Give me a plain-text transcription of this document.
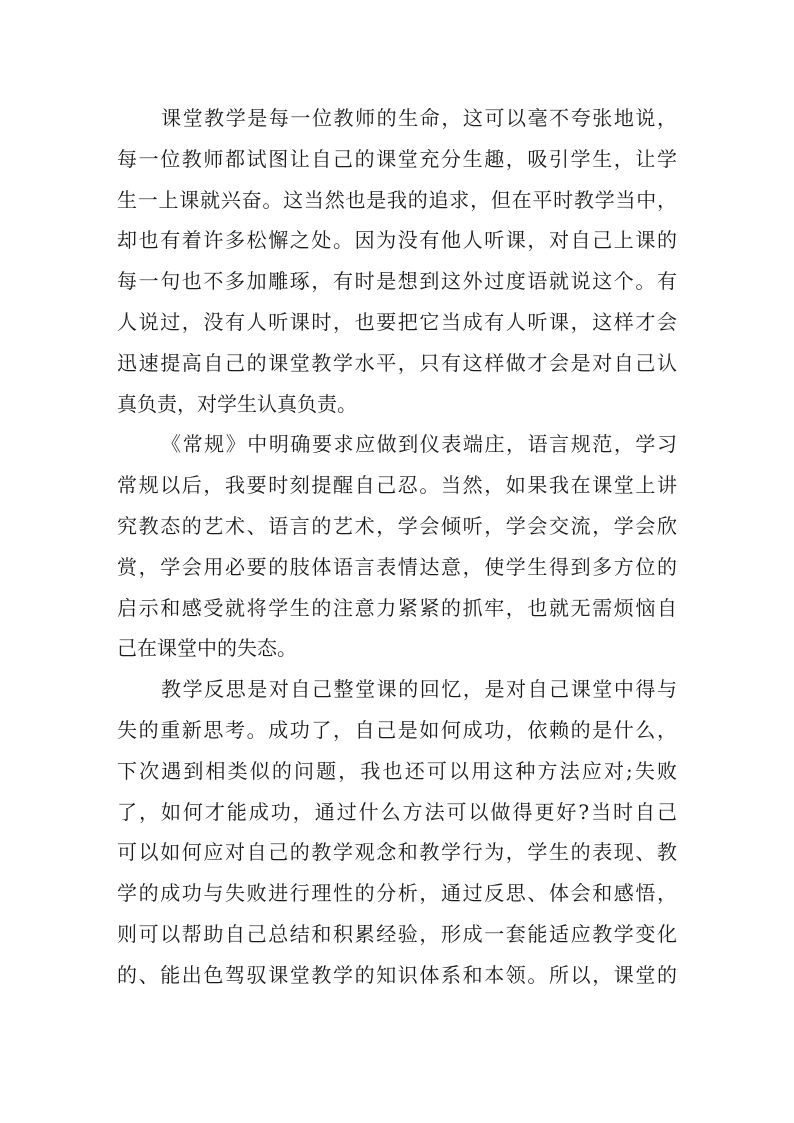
课堂教学是每一位教师的生命，这可以毫不夸张地说，
每一位教师都试图让自己的课堂充分生趣，吸引学生，让学
生一上课就兴奋。这当然也是我的追求，但在平时教学当中，
却也有着许多松懈之处。因为没有他人听课，对自己上课的
每一句也不多加雕琢，有时是想到这外过度语就说这个。有
人说过，没有人听课时，也要把它当成有人听课，这样才会
迅速提高自己的课堂教学水平，只有这样做才会是对自己认
真负责，对学生认真负责。
《常规》中明确要求应做到仪表端庄，语言规范，学习
常规以后，我要时刻提醒自己忍。当然，如果我在课堂上讲
究教态的艺术、语言的艺术，学会倾听，学会交流，学会欣
赏，学会用必要的肢体语言表情达意，使学生得到多方位的
启示和感受就将学生的注意力紧紧的抓牢，也就无需烦恼自
己在课堂中的失态。
教学反思是对自己整堂课的回忆，是对自己课堂中得与
失的重新思考。成功了，自己是如何成功，依赖的是什么，
下次遇到相类似的问题，我也还可以用这种方法应对;失败
了，如何才能成功，通过什么方法可以做得更好?当时自己
可以如何应对自己的教学观念和教学行为，学生的表现、教
学的成功与失败进行理性的分析，通过反思、体会和感悟，
则可以帮助自己总结和积累经验，形成一套能适应教学变化
的、能出色驾驭课堂教学的知识体系和本领。所以，课堂的
